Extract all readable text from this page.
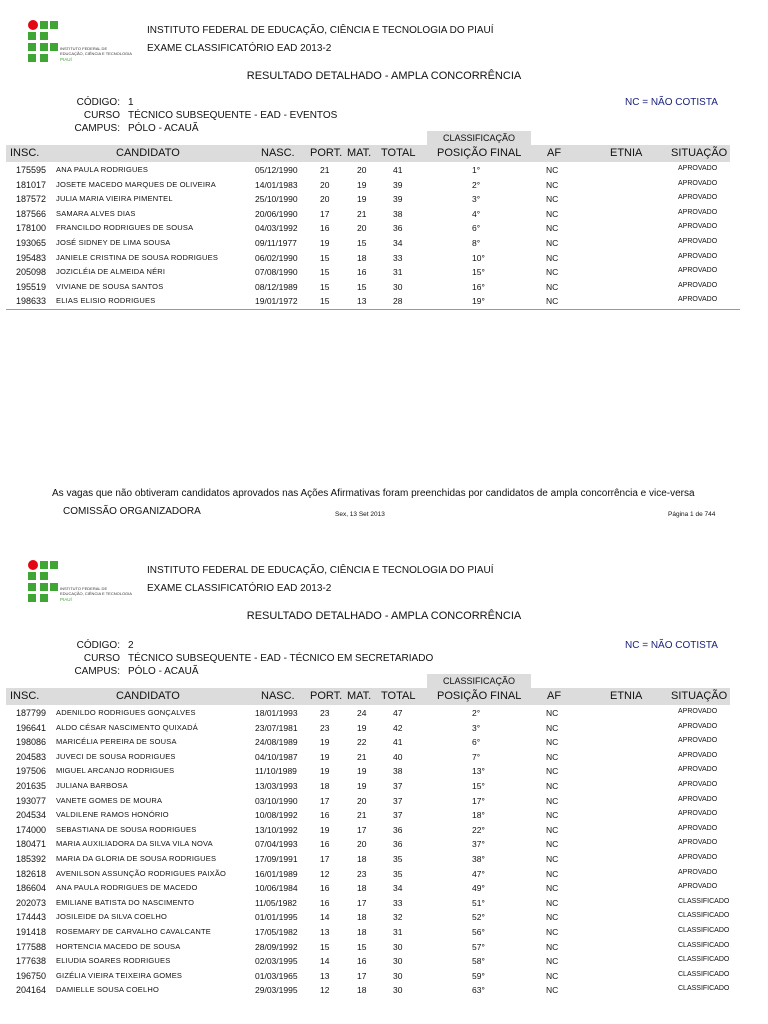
INSTITUTO FEDERAL DE
EDUCAÇÃO, CIÊNCIA E TECNOLOGIA
PIAUÍ
INSTITUTO FEDERAL DE EDUCAÇÃO, CIÊNCIA E TECNOLOGIA DO PIAUÍ
EXAME CLASSIFICATÓRIO EAD 2013-2
RESULTADO DETALHADO - AMPLA CONCORRÊNCIA
CÓDIGO: 1
CURSO TÉCNICO SUBSEQUENTE - EAD - EVENTOS
CAMPUS: PÓLO - ACAUÃ
NC = NÃO COTISTA
CLASSIFICAÇÃO
INSC.	CANDIDATO	NASC. PORT. MAT. TOTAL POSIÇÃO FINAL AF	ETNIA	SITUAÇÃO
175595 ANA PAULA RODRIGUES	05/12/1990	21	20	41	1°	NC	APROVADO
181017 JOSETE MACEDO MARQUES DE OLIVEIRA	14/01/1983	20	19	39	2°	NC	APROVADO
187572 JULIA MARIA VIEIRA PIMENTEL	25/10/1990	20	19	39	3°	NC	APROVADO
187566 SAMARA ALVES DIAS	20/06/1990	17	21	38	4°	NC	APROVADO
178100 FRANCILDO RODRIGUES DE SOUSA	04/03/1992	16	20	36	6°	NC	APROVADO
193065 JOSÉ SIDNEY DE LIMA SOUSA	09/11/1977	19	15	34	8°	NC	APROVADO
195483 JANIELE CRISTINA DE SOUSA RODRIGUES	06/02/1990	15	18	33	10°	NC	APROVADO
205098 JOZICLÉIA DE ALMEIDA NÉRI	07/08/1990	15	16	31	15°	NC	APROVADO
195519 VIVIANE DE SOUSA SANTOS	08/12/1989	15	15	30	16°	NC	APROVADO
198633 ELIAS ELISIO RODRIGUES	19/01/1972	15	13	28	19°	NC	APROVADO
As vagas que não obtiveram candidatos aprovados nas Ações Afirmativas foram preenchidas por candidatos de ampla concorrência e vice-versa
COMISSÃO ORGANIZADORA	Sex, 13 Set 2013	Página 1 de 744
INSTITUTO FEDERAL DE
EDUCAÇÃO, CIÊNCIA E TECNOLOGIA
PIAUÍ
INSTITUTO FEDERAL DE EDUCAÇÃO, CIÊNCIA E TECNOLOGIA DO PIAUÍ
EXAME CLASSIFICATÓRIO EAD 2013-2
RESULTADO DETALHADO - AMPLA CONCORRÊNCIA
CÓDIGO: 2
CURSO TÉCNICO SUBSEQUENTE - EAD - TÉCNICO EM SECRETARIADO
CAMPUS: PÓLO - ACAUÃ
NC = NÃO COTISTA
CLASSIFICAÇÃO
INSC.	CANDIDATO	NASC. PORT. MAT. TOTAL POSIÇÃO FINAL AF	ETNIA	SITUAÇÃO
187799 ADENILDO RODRIGUES GONÇALVES	18/01/1993	23	24	47	2°	NC	APROVADO
196641 ALDO CÉSAR NASCIMENTO QUIXADÁ	23/07/1981	23	19	42	3°	NC	APROVADO
198086 MARICÉLIA PEREIRA DE SOUSA	24/08/1989	19	22	41	6°	NC	APROVADO
204583 JUVECI DE SOUSA RODRIGUES	04/10/1987	19	21	40	7°	NC	APROVADO
197506 MIGUEL ARCANJO RODRIGUES	11/10/1989	19	19	38	13°	NC	APROVADO
201635 JULIANA BARBOSA	13/03/1993	18	19	37	15°	NC	APROVADO
193077 VANETE GOMES DE MOURA	03/10/1990	17	20	37	17°	NC	APROVADO
204534 VALDILENE RAMOS HONÓRIO	10/08/1992	16	21	37	18°	NC	APROVADO
174000 SEBASTIANA DE SOUSA RODRIGUES	13/10/1992	19	17	36	22°	NC	APROVADO
180471 MARIA AUXILIADORA DA SILVA VILA NOVA	07/04/1993	16	20	36	37°	NC	APROVADO
185392 MARIA DA GLORIA DE SOUSA RODRIGUES	17/09/1991	17	18	35	38°	NC	APROVADO
182618 AVENILSON ASSUNÇÃO RODRIGUES PAIXÃO	16/01/1989	12	23	35	47°	NC	APROVADO
186604 ANA PAULA RODRIGUES DE MACEDO	10/06/1984	16	18	34	49°	NC	APROVADO
202073 EMILIANE BATISTA DO NASCIMENTO	11/05/1982	16	17	33	51°	NC	CLASSIFICADO
174443 JOSILEIDE DA SILVA COELHO	01/01/1995	14	18	32	52°	NC	CLASSIFICADO
191418 ROSEMARY DE CARVALHO CAVALCANTE	17/05/1982	13	18	31	56°	NC	CLASSIFICADO
177588 HORTENCIA MACEDO DE SOUSA	28/09/1992	15	15	30	57°	NC	CLASSIFICADO
177638 ELIUDIA SOARES RODRIGUES	02/03/1995	14	16	30	58°	NC	CLASSIFICADO
196750 GIZÉLIA VIEIRA TEIXEIRA GOMES	01/03/1965	13	17	30	59°	NC	CLASSIFICADO
204164 DAMIELLE SOUSA COELHO	29/03/1995	12	18	30	63°	NC	CLASSIFICADO
